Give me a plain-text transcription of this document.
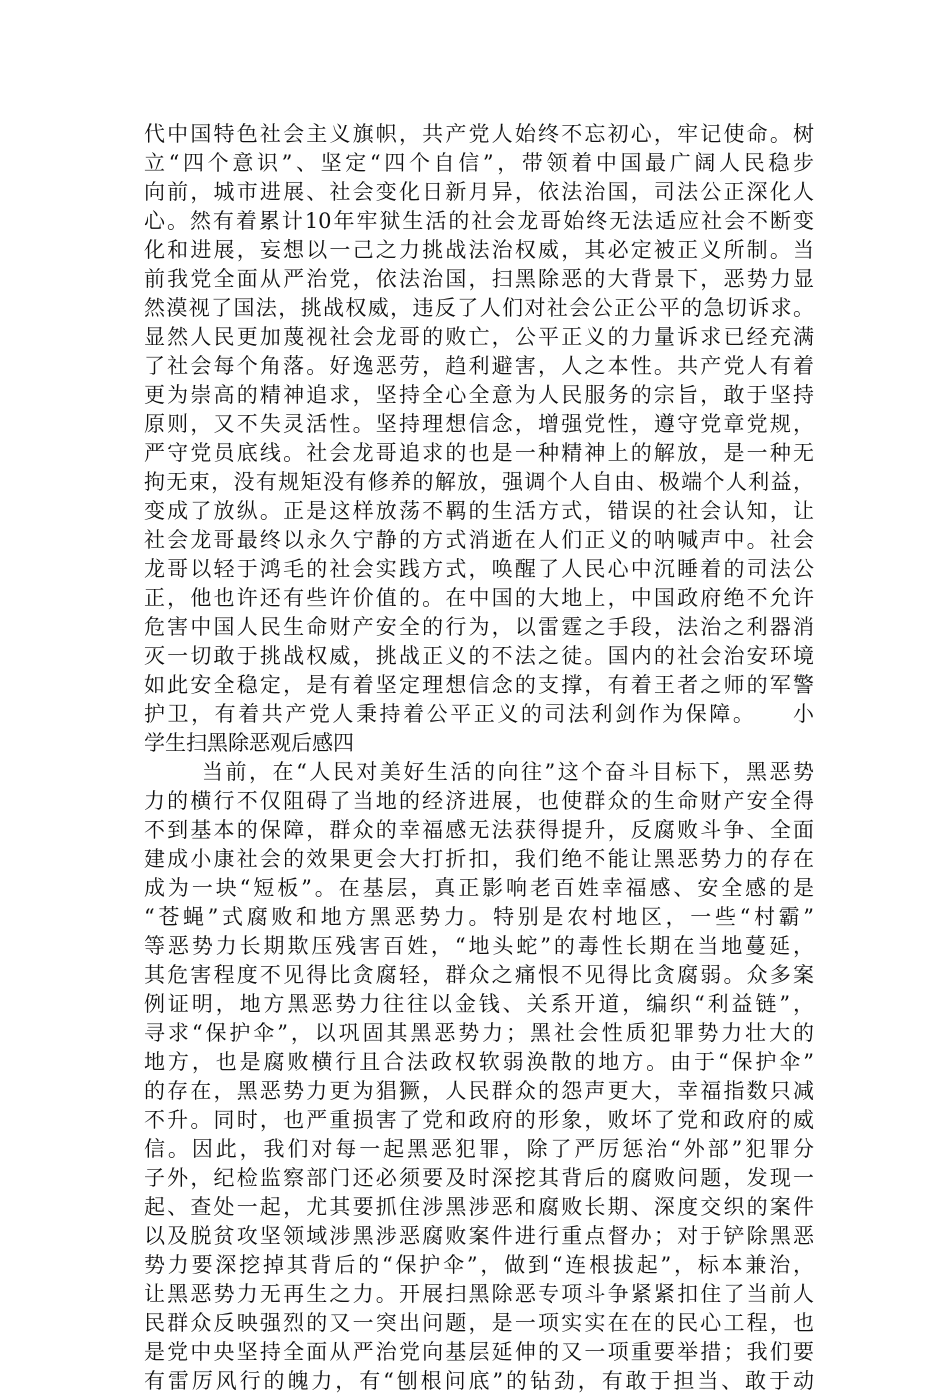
代中国特色社会主义旗帜，共产党人始终不忘初心，牢记使命。树
立“四个意识”、坚定“四个自信”，带领着中国最广阔人民稳步
向前，城市进展、社会变化日新月异，依法治国，司法公正深化人
心。然有着累计10年牢狱生活的社会龙哥始终无法适应社会不断变
化和进展，妄想以一己之力挑战法治权威，其必定被正义所制。当
前我党全面从严治党，依法治国，扫黑除恶的大背景下，恶势力显
然漠视了国法，挑战权威，违反了人们对社会公正公平的急切诉求。
显然人民更加蔑视社会龙哥的败亡，公平正义的力量诉求已经充满
了社会每个角落。好逸恶劳，趋利避害，人之本性。共产党人有着
更为崇高的精神追求，坚持全心全意为人民服务的宗旨，敢于坚持
原则，又不失灵活性。坚持理想信念，增强党性，遵守党章党规，
严守党员底线。社会龙哥追求的也是一种精神上的解放，是一种无
拘无束，没有规矩没有修养的解放，强调个人自由、极端个人利益，
变成了放纵。正是这样放荡不羁的生活方式，错误的社会认知，让
社会龙哥最终以永久宁静的方式消逝在人们正义的呐喊声中。社会
龙哥以轻于鸿毛的社会实践方式，唤醒了人民心中沉睡着的司法公
正，他也许还有些许价值的。在中国的大地上，中国政府绝不允许
危害中国人民生命财产安全的行为，以雷霆之手段，法治之利器消
灭一切敢于挑战权威，挑战正义的不法之徒。国内的社会治安环境
如此安全稳定，是有着坚定理想信念的支撑，有着王者之师的军警
护卫，有着共产党人秉持着公平正义的司法利剑作为保障。　　小
学生扫黑除恶观后感四
当前，在“人民对美好生活的向往”这个奋斗目标下，黑恶势
力的横行不仅阻碍了当地的经济进展，也使群众的生命财产安全得
不到基本的保障，群众的幸福感无法获得提升，反腐败斗争、全面
建成小康社会的效果更会大打折扣，我们绝不能让黑恶势力的存在
成为一块“短板”。在基层，真正影响老百姓幸福感、安全感的是
“苍蝇”式腐败和地方黑恶势力。特别是农村地区，一些“村霸”
等恶势力长期欺压残害百姓，“地头蛇”的毒性长期在当地蔓延，
其危害程度不见得比贪腐轻，群众之痛恨不见得比贪腐弱。众多案
例证明，地方黑恶势力往往以金钱、关系开道，编织“利益链”，
寻求“保护伞”，以巩固其黑恶势力；黑社会性质犯罪势力壮大的
地方，也是腐败横行且合法政权软弱涣散的地方。由于“保护伞”
的存在，黑恶势力更为猖獗，人民群众的怨声更大，幸福指数只减
不升。同时，也严重损害了党和政府的形象，败坏了党和政府的威
信。因此，我们对每一起黑恶犯罪，除了严厉惩治“外部”犯罪分
子外，纪检监察部门还必须要及时深挖其背后的腐败问题，发现一
起、查处一起，尤其要抓住涉黑涉恶和腐败长期、深度交织的案件
以及脱贫攻坚领域涉黑涉恶腐败案件进行重点督办；对于铲除黑恶
势力要深挖掉其背后的“保护伞”，做到“连根拔起”，标本兼治，
让黑恶势力无再生之力。开展扫黑除恶专项斗争紧紧扣住了当前人
民群众反映强烈的又一突出问题，是一项实实在在的民心工程，也
是党中央坚持全面从严治党向基层延伸的又一项重要举措；我们要
有雷厉风行的魄力，有“刨根问底”的钻劲，有敢于担当、敢于动
